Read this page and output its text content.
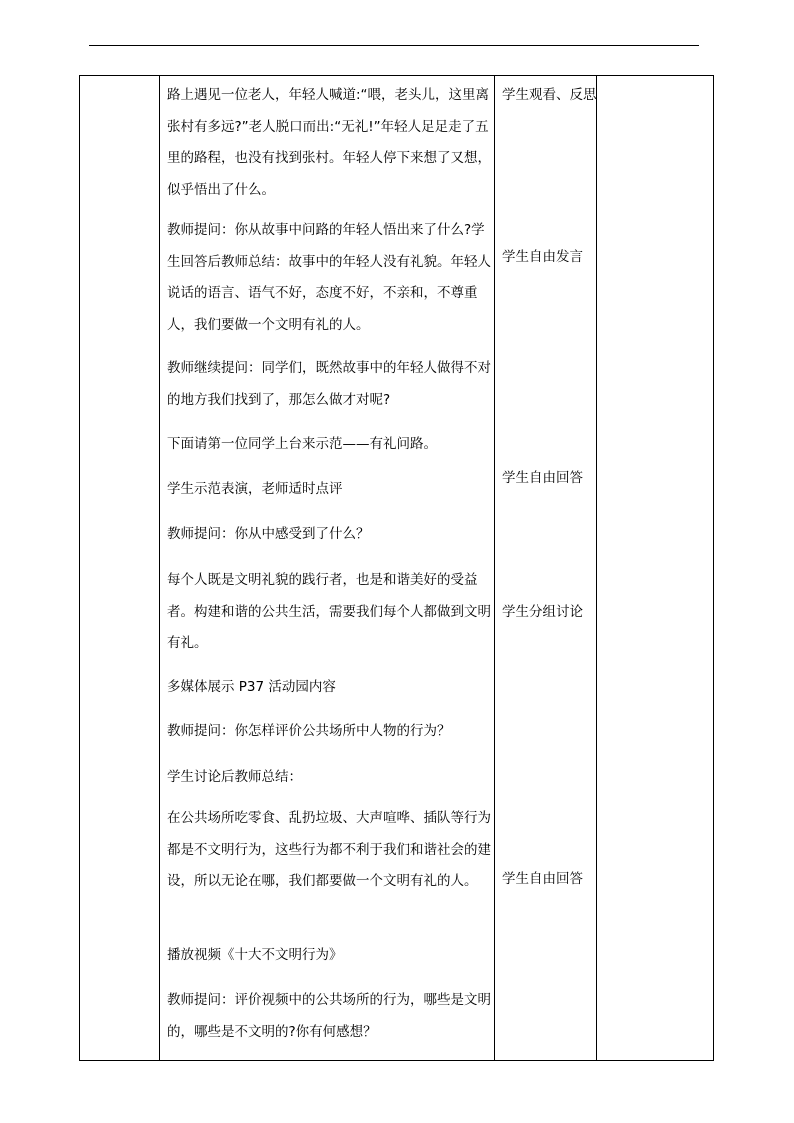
路上遇见一位老人，年轻人喊道:“喂，老头儿，这里离张村有多远?”老人脱口而出:“无礼!”年轻人足足走了五里的路程，也没有找到张村。年轻人停下来想了又想，似乎悟出了什么。
教师提问：你从故事中问路的年轻人悟出来了什么?学生回答后教师总结：故事中的年轻人没有礼貌。年轻人说话的语言、语气不好，态度不好，不亲和，不尊重人，我们要做一个文明有礼的人。
教师继续提问：同学们，既然故事中的年轻人做得不对的地方我们找到了，那怎么做才对呢?
下面请第一位同学上台来示范——有礼问路。
学生示范表演，老师适时点评
教师提问：你从中感受到了什么？
每个人既是文明礼貌的践行者，也是和谐美好的受益者。构建和谐的公共生活，需要我们每个人都做到文明有礼。
多媒体展示 P37 活动园内容
教师提问：你怎样评价公共场所中人物的行为？
学生讨论后教师总结：
在公共场所吃零食、乱扔垃圾、大声喧哗、插队等行为都是不文明行为，这些行为都不利于我们和谐社会的建设，所以无论在哪，我们都要做一个文明有礼的人。
播放视频《十大不文明行为》
教师提问：评价视频中的公共场所的行为，哪些是文明的，哪些是不文明的?你有何感想？
学生观看、反思
学生自由发言
学生自由回答
学生分组讨论
学生自由回答
